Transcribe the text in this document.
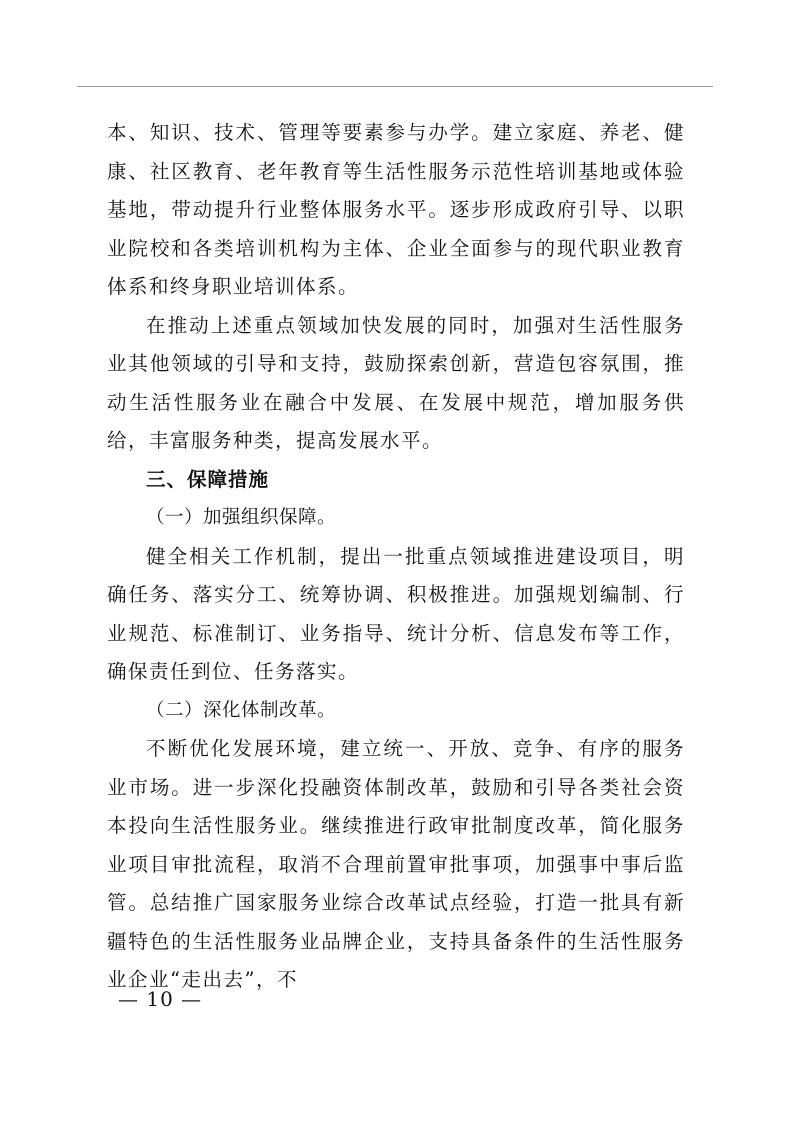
本、知识、技术、管理等要素参与办学。建立家庭、养老、健康、社区教育、老年教育等生活性服务示范性培训基地或体验基地，带动提升行业整体服务水平。逐步形成政府引导、以职业院校和各类培训机构为主体、企业全面参与的现代职业教育体系和终身职业培训体系。

在推动上述重点领域加快发展的同时，加强对生活性服务业其他领域的引导和支持，鼓励探索创新，营造包容氛围，推动生活性服务业在融合中发展、在发展中规范，增加服务供给，丰富服务种类，提高发展水平。

三、保障措施

（一）加强组织保障。

健全相关工作机制，提出一批重点领域推进建设项目，明确任务、落实分工、统筹协调、积极推进。加强规划编制、行业规范、标准制订、业务指导、统计分析、信息发布等工作，确保责任到位、任务落实。

（二）深化体制改革。

不断优化发展环境，建立统一、开放、竞争、有序的服务业市场。进一步深化投融资体制改革，鼓励和引导各类社会资本投向生活性服务业。继续推进行政审批制度改革，简化服务业项目审批流程，取消不合理前置审批事项，加强事中事后监管。总结推广国家服务业综合改革试点经验，打造一批具有新疆特色的生活性服务业品牌企业，支持具备条件的生活性服务业企业“走出去”，不

— 10 —
